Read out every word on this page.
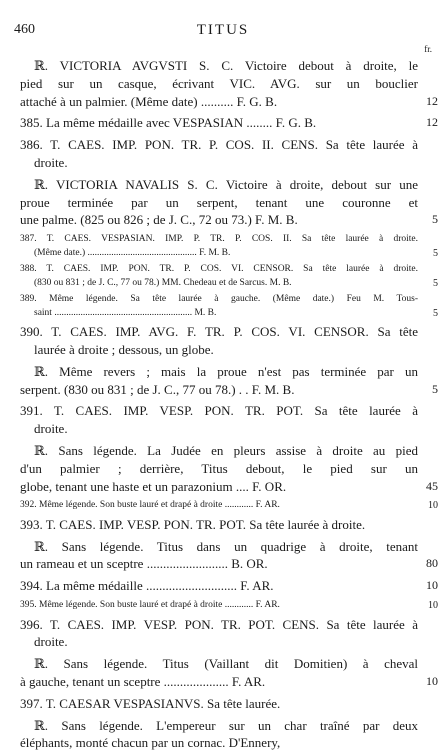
460	TITUS
fr.
ℝ. VICTORIA AVGVSTI S. C. Victoire debout à droite, le
pied sur un casque, écrivant VIC. AVG. sur un bouclier
attaché à un palmier. (Même date) .......... F. G. B.	12
385. La même médaille avec VESPASIAN ........ F. G. B.	12
386. T. CAES. IMP. PON. TR. P. COS. II. CENS. Sa tête laurée à
droite.
ℝ. VICTORIA NAVALIS S. C. Victoire à droite, debout sur une
proue terminée par un serpent, tenant une couronne et
une palme. (825 ou 826 ; de J. C., 72 ou 73.) F. M. B.	5
387. T. CAES. VESPASIAN. IMP. P. TR. P. COS. II. Sa tête laurée à droite.
(Même date.) .............................................. F. M. B.	5
388. T. CAES. IMP. PON. TR. P. COS. VI. CENSOR. Sa tête laurée à droite.
(830 ou 831 ; de J. C., 77 ou 78.) MM. Chedeau et de Sarcus. M. B.	5
389. Même légende. Sa tête laurée à gauche. (Même date.) Feu M. Tous-
saint .......................................................... M. B.	5
390. T. CAES. IMP. AVG. F. TR. P. COS. VI. CENSOR. Sa tête
laurée à droite ; dessous, un globe.
ℝ. Même revers ; mais la proue n'est pas terminée par un
serpent. (830 ou 831 ; de J. C., 77 ou 78.) . . F. M. B.	5
391. T. CAES. IMP. VESP. PON. TR. POT. Sa tête laurée à
droite.
ℝ. Sans légende. La Judée en pleurs assise à droite au pied
d'un palmier ; derrière, Titus debout, le pied sur un
globe, tenant une haste et un parazonium .... F. OR.	45
392. Même légende. Son buste lauré et drapé à droite ............ F. AR.	10
393. T. CAES. IMP. VESP. PON. TR. POT. Sa tête laurée à droite.
ℝ. Sans légende. Titus dans un quadrige à droite, tenant
un rameau et un sceptre ......................... B. OR.	80
394. La même médaille ............................ F. AR.	10
395. Même légende. Son buste lauré et drapé à droite ............ F. AR.	10
396. T. CAES. IMP. VESP. PON. TR. POT. CENS. Sa tête laurée à
droite.
ℝ. Sans légende. Titus (Vaillant dit Domitien) à cheval
à gauche, tenant un sceptre .................... F. AR.	10
397. T. CAESAR VESPASIANVS. Sa tête laurée.
ℝ. Sans légende. L'empereur sur un char traîné par deux
éléphants, monté chacun par un cornac. D'Ennery,
